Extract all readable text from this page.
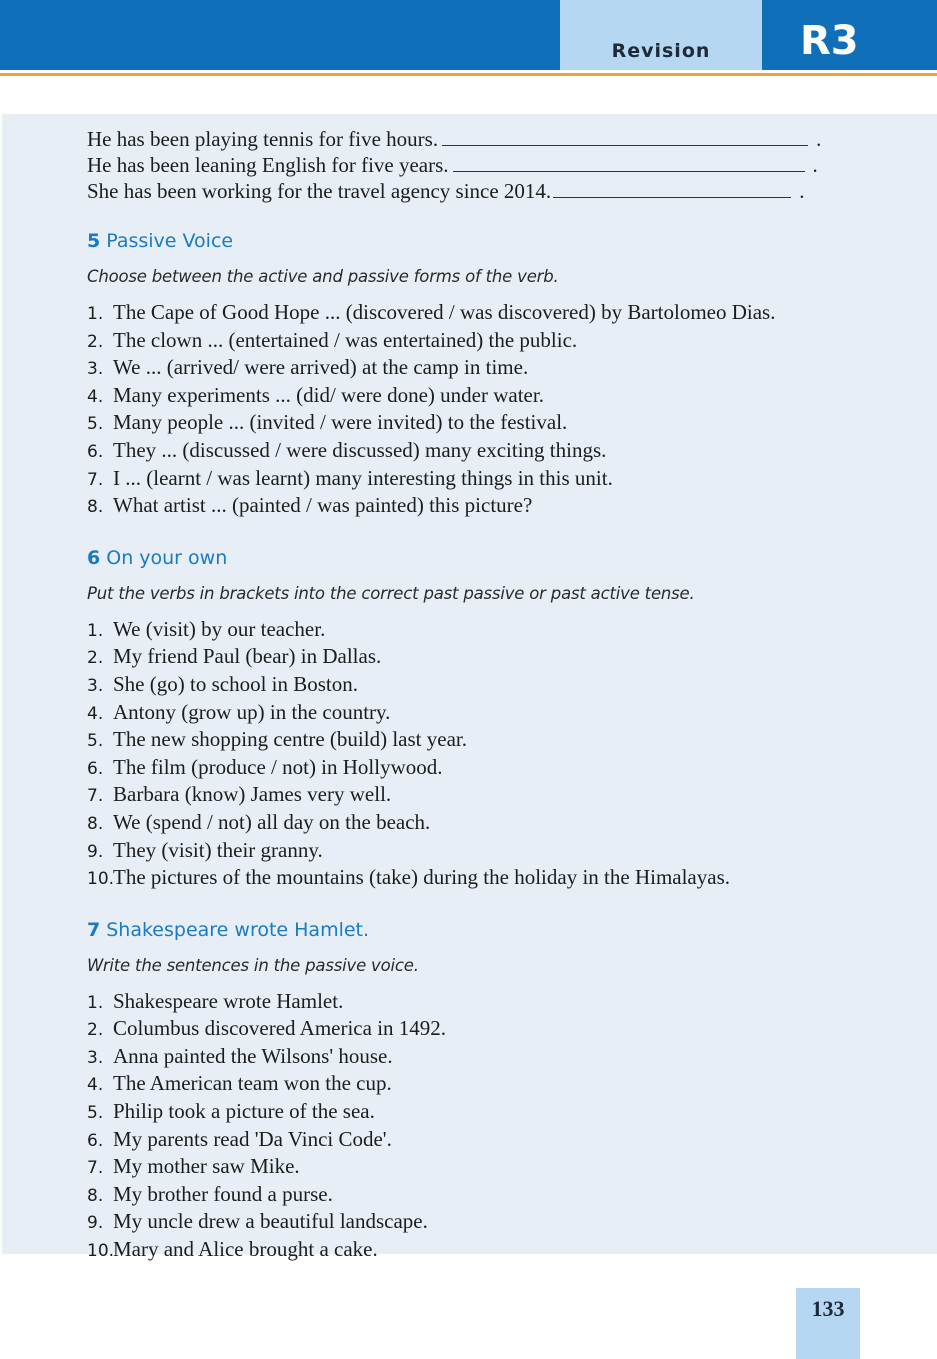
Revision	R3
He has been playing tennis for five hours.	.
He has been leaning English for five years.	.
She has been working for the travel agency since 2014.	.
5 Passive Voice
Choose between the active and passive forms of the verb.
1. The Cape of Good Hope ... (discovered / was discovered) by Bartolomeo Dias.
2. The clown ... (entertained / was entertained) the public.
3. We ... (arrived/ were arrived) at the camp in time.
4. Many experiments ... (did/ were done) under water.
5. Many people ... (invited / were invited) to the festival.
6. They ... (discussed / were discussed) many exciting things.
7. I ... (learnt / was learnt) many interesting things in this unit.
8. What artist ... (painted / was painted) this picture?
6 On your own
Put the verbs in brackets into the correct past passive or past active tense.
1. We (visit) by our teacher.
2. My friend Paul (bear) in Dallas.
3. She (go) to school in Boston.
4. Antony (grow up) in the country.
5. The new shopping centre (build) last year.
6. The film (produce / not) in Hollywood.
7. Barbara (know) James very well.
8. We (spend / not) all day on the beach.
9. They (visit) their granny.
10.The pictures of the mountains (take) during the holiday in the Himalayas.
7 Shakespeare wrote Hamlet.
Write the sentences in the passive voice.
1. Shakespeare wrote Hamlet.
2. Columbus discovered America in 1492.
3. Anna painted the Wilsons' house.
4. The American team won the cup.
5. Philip took a picture of the sea.
6. My parents read 'Da Vinci Code'.
7. My mother saw Mike.
8. My brother found a purse.
9. My uncle drew a beautiful landscape.
10.Mary and Alice brought a cake.
133
